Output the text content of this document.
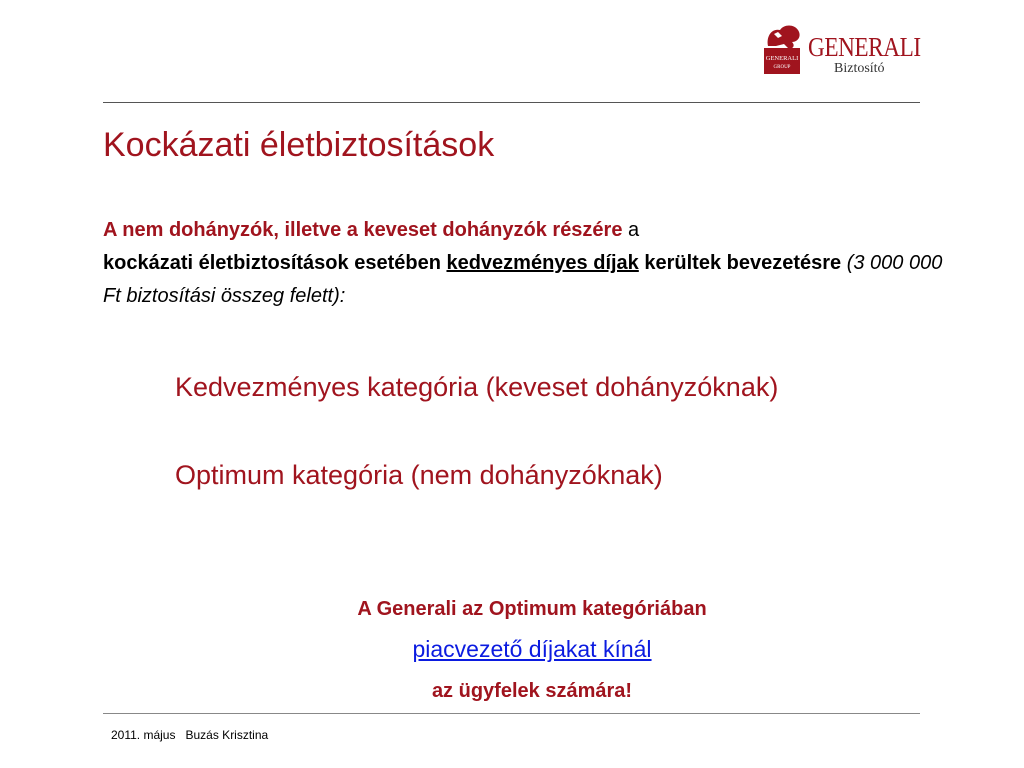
GENERALI
GROUP
GENERALI
Biztosító
Kockázati életbiztosítások

A nem dohányzók, illetve a keveset dohányzók részére a
kockázati életbiztosítások esetében kedvezményes díjak kerültek bevezetésre (3 000 000 Ft biztosítási összeg felett):

Kedvezményes kategória (keveset dohányzóknak)

Optimum kategória (nem dohányzóknak)

A Generali az Optimum kategóriában
piacvezető díjakat kínál
az ügyfelek számára!
2011. május Buzás Krisztina
